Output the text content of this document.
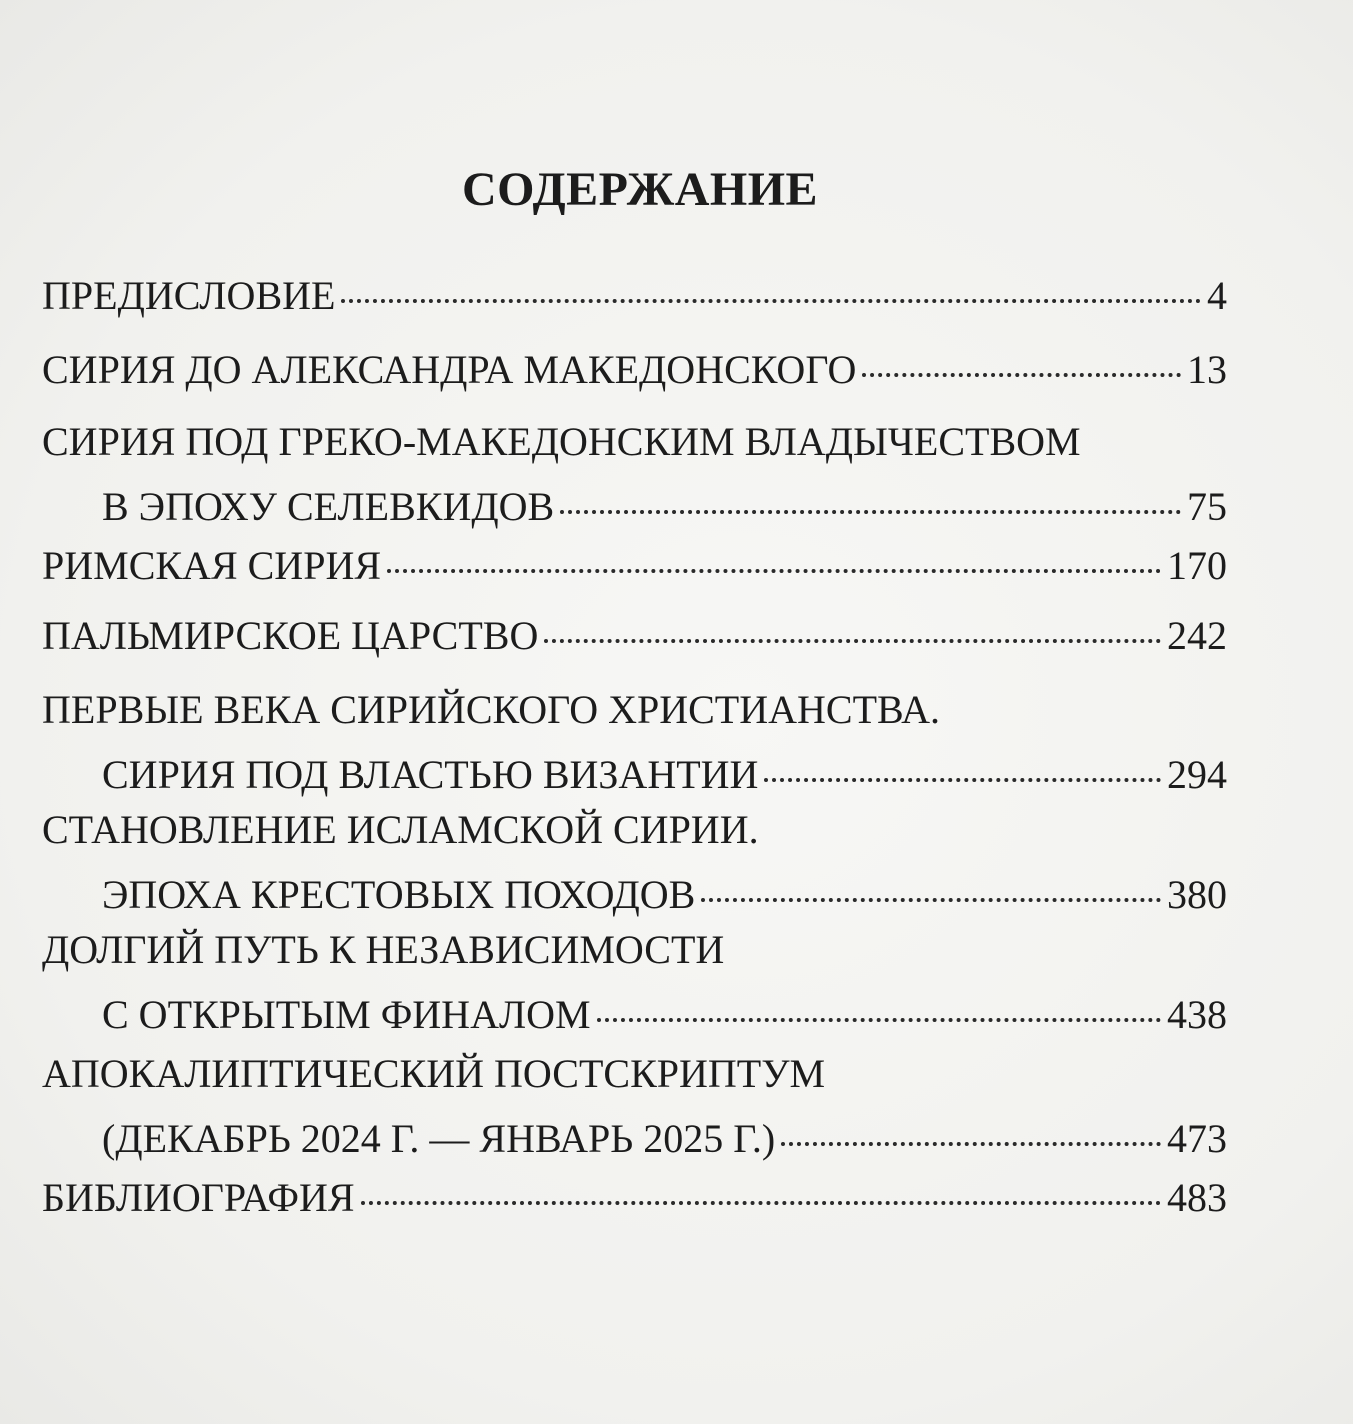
СОДЕРЖАНИЕ
ПРЕДИСЛОВИЕ	4
СИРИЯ ДО АЛЕКСАНДРА МАКЕДОНСКОГО	13
СИРИЯ ПОД ГРЕКО-МАКЕДОНСКИМ ВЛАДЫЧЕСТВОМ
В ЭПОХУ СЕЛЕВКИДОВ	75
РИМСКАЯ СИРИЯ	170
ПАЛЬМИРСКОЕ ЦАРСТВО	242
ПЕРВЫЕ ВЕКА СИРИЙСКОГО ХРИСТИАНСТВА.
СИРИЯ ПОД ВЛАСТЬЮ ВИЗАНТИИ	294
СТАНОВЛЕНИЕ ИСЛАМСКОЙ СИРИИ.
ЭПОХА КРЕСТОВЫХ ПОХОДОВ	380
ДОЛГИЙ ПУТЬ К НЕЗАВИСИМОСТИ
С ОТКРЫТЫМ ФИНАЛОМ	438
АПОКАЛИПТИЧЕСКИЙ ПОСТСКРИПТУМ
(ДЕКАБРЬ 2024 Г. — ЯНВАРЬ 2025 Г.)	473
БИБЛИОГРАФИЯ	483
